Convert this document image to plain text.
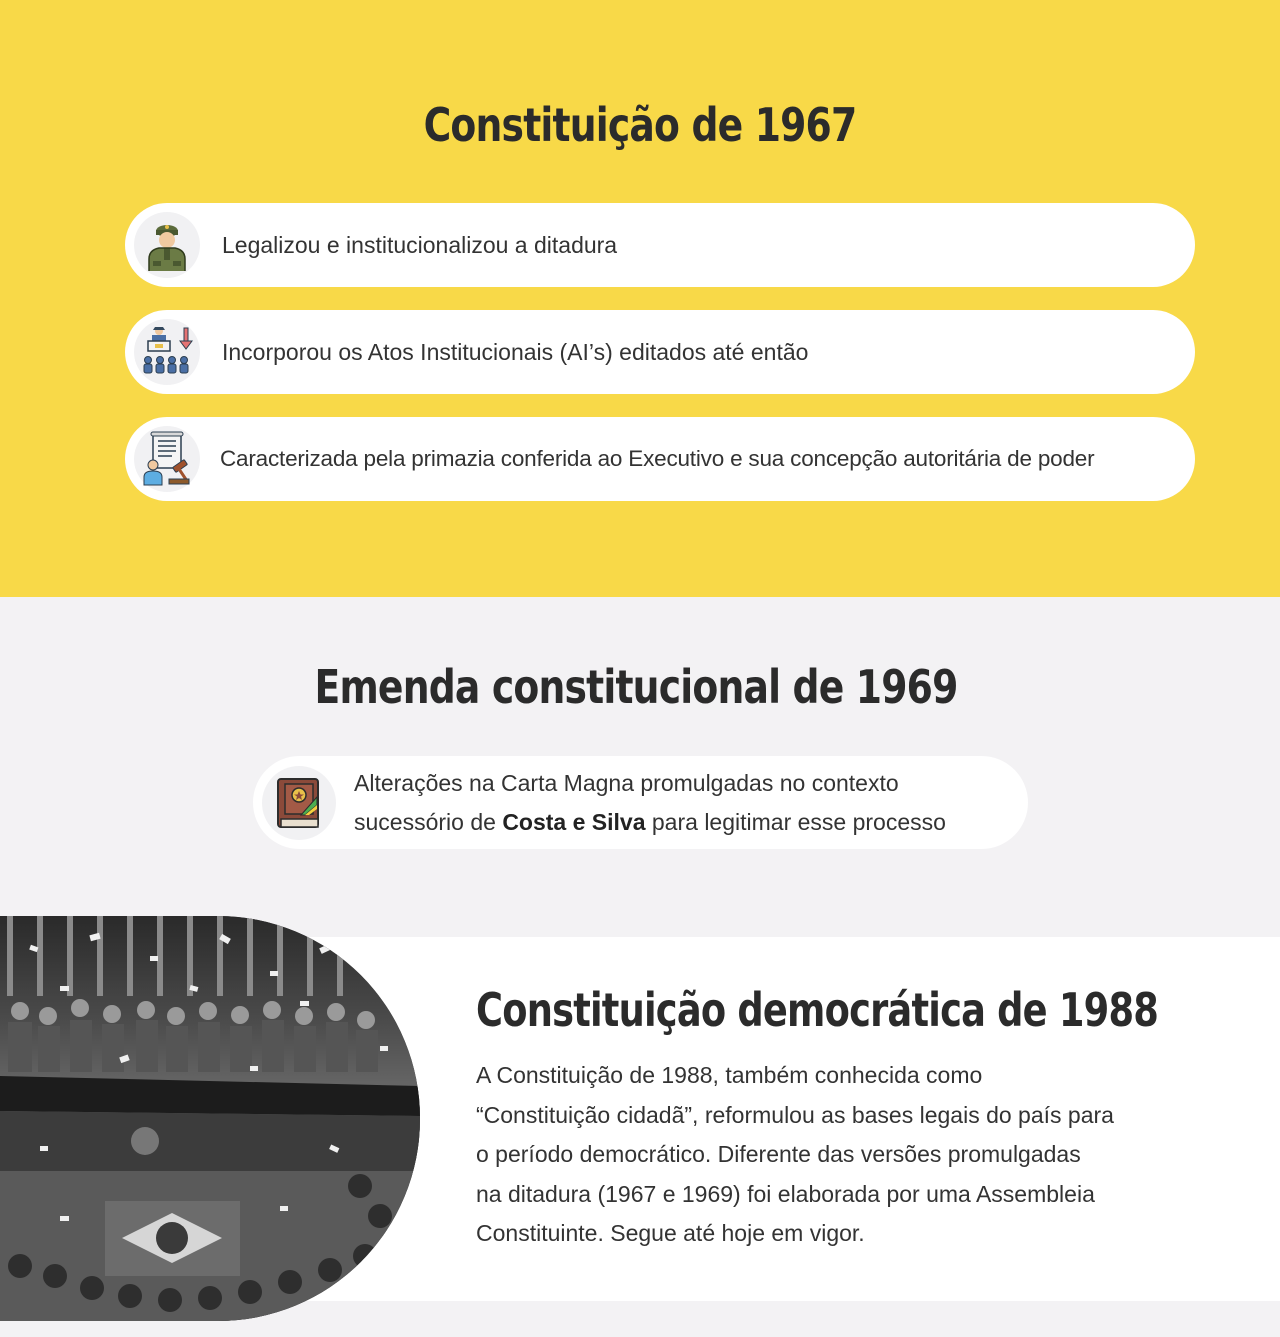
Constituição de 1967
Legalizou e institucionalizou a ditadura
Incorporou os Atos Institucionais (AI’s) editados até então
Caracterizada pela primazia conferida ao Executivo e sua concepção autoritária de poder
Emenda constitucional de 1969
Alterações na Carta Magna promulgadas no contexto
sucessório de Costa e Silva para legitimar esse processo
Constituição democrática de 1988
A Constituição de 1988, também conhecida como
“Constituição cidadã”, reformulou as bases legais do país para
o período democrático. Diferente das versões promulgadas
na ditadura (1967 e 1969) foi elaborada por uma Assembleia
Constituinte. Segue até hoje em vigor.
